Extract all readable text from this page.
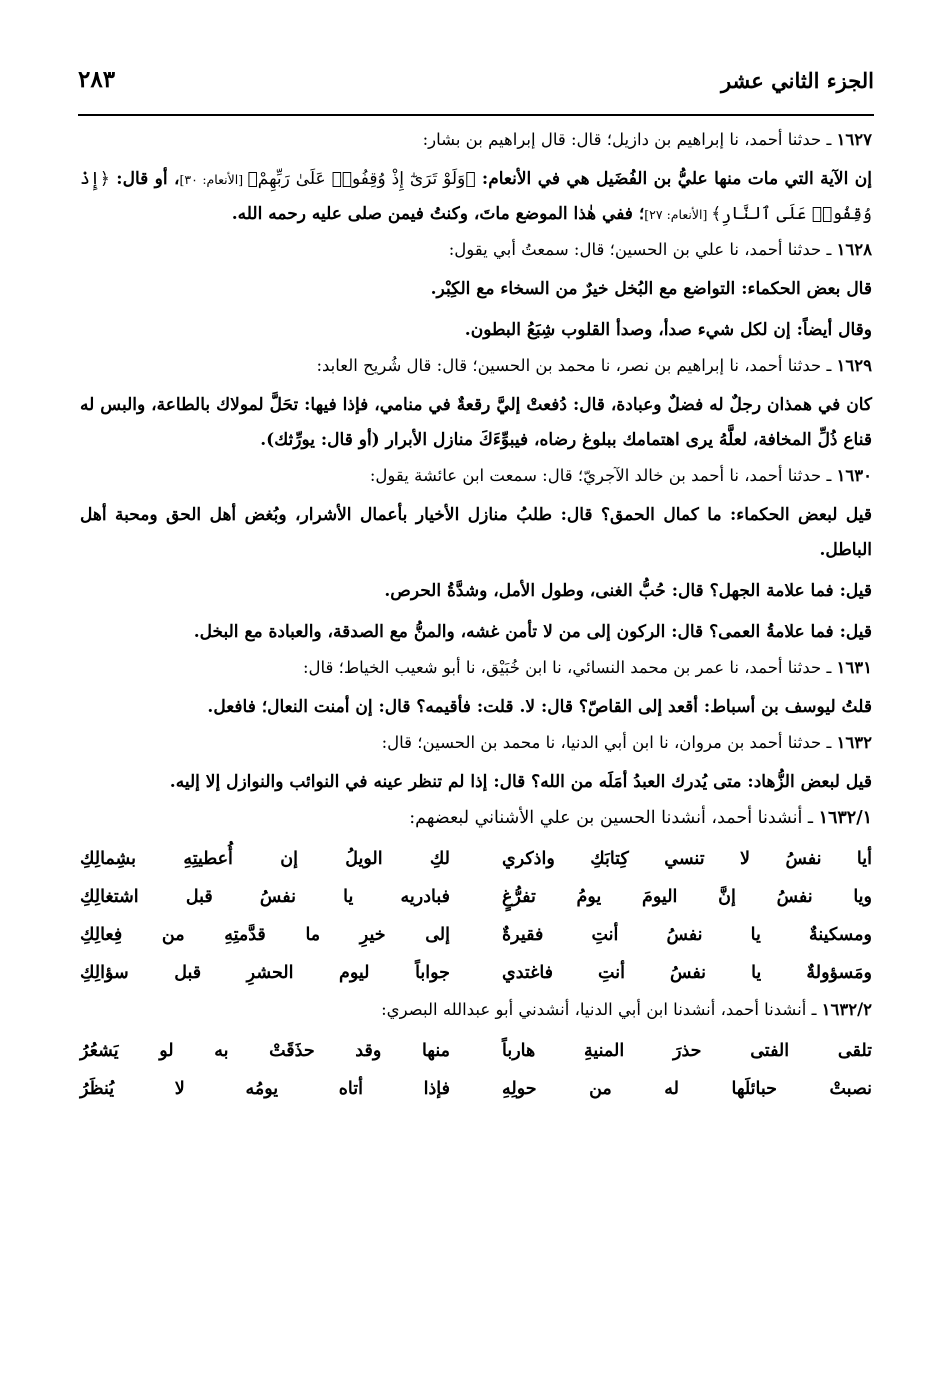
الجزء الثاني عشر
٢٨٣

١٦٢٧ ـ حدثنا أحمد، نا إبراهيم بن دازيل؛ قال: قال إبراهيم بن بشار:

إن الآية التي مات منها عليُّ بن الفُضَيل هي في الأنعام: ﴿وَلَوْ تَرَىٰٓ إِذْ وُقِفُوا۟ عَلَىٰ رَبِّهِمْ﴾ [الأنعام: ٣٠]، أو قال: ﴿إِذْ وُقِفُوا۟ عَلَى ٱلنَّارِ﴾ [الأنعام: ٢٧]؛ ففي هٰذا الموضع ماتَ، وكنتُ فيمن صلى عليه رحمه الله.

١٦٢٨ ـ حدثنا أحمد، نا علي بن الحسين؛ قال: سمعتُ أبي يقول:

قال بعض الحكماء: التواضع مع البُخل خيرٌ من السخاء مع الكِبْر.

وقال أيضاً: إن لكل شيء صدأ، وصدأ القلوب شِبَعُ البطون.

١٦٢٩ ـ حدثنا أحمد، نا إبراهيم بن نصر، نا محمد بن الحسين؛ قال: قال شُريح العابد:

كان في همذان رجلٌ له فضلٌ وعبادة، قال: دُفعتْ إليَّ رقعةٌ في منامي، فإذا فيها: تحَلَّ لمولاك بالطاعة، والبس له قناع ذُلِّ المخافة، لعلَّهُ يرى اهتمامك ببلوغ رضاه، فيبوِّءَكَ منازل الأبرار (أو قال: يورِّثك).

١٦٣٠ ـ حدثنا أحمد، نا أحمد بن خالد الآجريّ؛ قال: سمعت ابن عائشة يقول:

قيل لبعض الحكماء: ما كمال الحمق؟ قال: طلبُ منازل الأخيار بأعمال الأشرار، وبُغض أهل الحق ومحبة أهل الباطل.

قيل: فما علامة الجهل؟ قال: حُبُّ الغنى، وطول الأمل، وشدَّةُ الحرص.

قيل: فما علامةُ العمى؟ قال: الركون إلى من لا تأمن غشه، والمنُّ مع الصدقة، والعبادة مع البخل.

١٦٣١ ـ حدثنا أحمد، نا عمر بن محمد النسائي، نا ابن خُبَيْق، نا أبو شعيب الخياط؛ قال:

قلتُ ليوسف بن أسباط: أقعد إلى القاصّ؟ قال: لا. قلت: فأقيمه؟ قال: إن أمنت النعال؛ فافعل.

١٦٣٢ ـ حدثنا أحمد بن مروان، نا ابن أبي الدنيا، نا محمد بن الحسين؛ قال:

قيل لبعض الزُّهاد: متى يُدرك العبدُ أمَلَه من الله؟ قال: إذا لم تنظر عينه في النوائب والنوازل إلا إليه.

١٦٣٢/١ ـ أنشدنا أحمد، أنشدنا الحسين بن علي الأشناني لبعضهم:

أيا نفسُ لا تنسي كِتابَكِ واذكري
لكِ الويلُ إن أُعطيتِهِ بشِمالِكِ
ويا نفسُ إنَّ اليومَ يومُ تفرُّغٍ
فبادريه يا نفسُ قبل اشتغالِكِ
ومسكينةٌ يا نفسُ أنتِ فقيرةٌ
إلى خيرِ ما قدَّمتِهِ من فِعالِكِ
ومَسؤولةٌ يا نفسُ أنتِ فاغتدي
جواباً ليوم الحشرِ قبل سؤالِكِ

١٦٣٢/٢ ـ أنشدنا أحمد، أنشدنا ابن أبي الدنيا، أنشدني أبو عبدالله البصري:

تلقى الفتى حذرَ المنيةِ هارباً
منها وقد حذَقَتْ به لو يَشعُرُ
نصبتْ حبائلَها له من حولِهِ
فإذا أتاه يومُه لا يُنظَرُ
